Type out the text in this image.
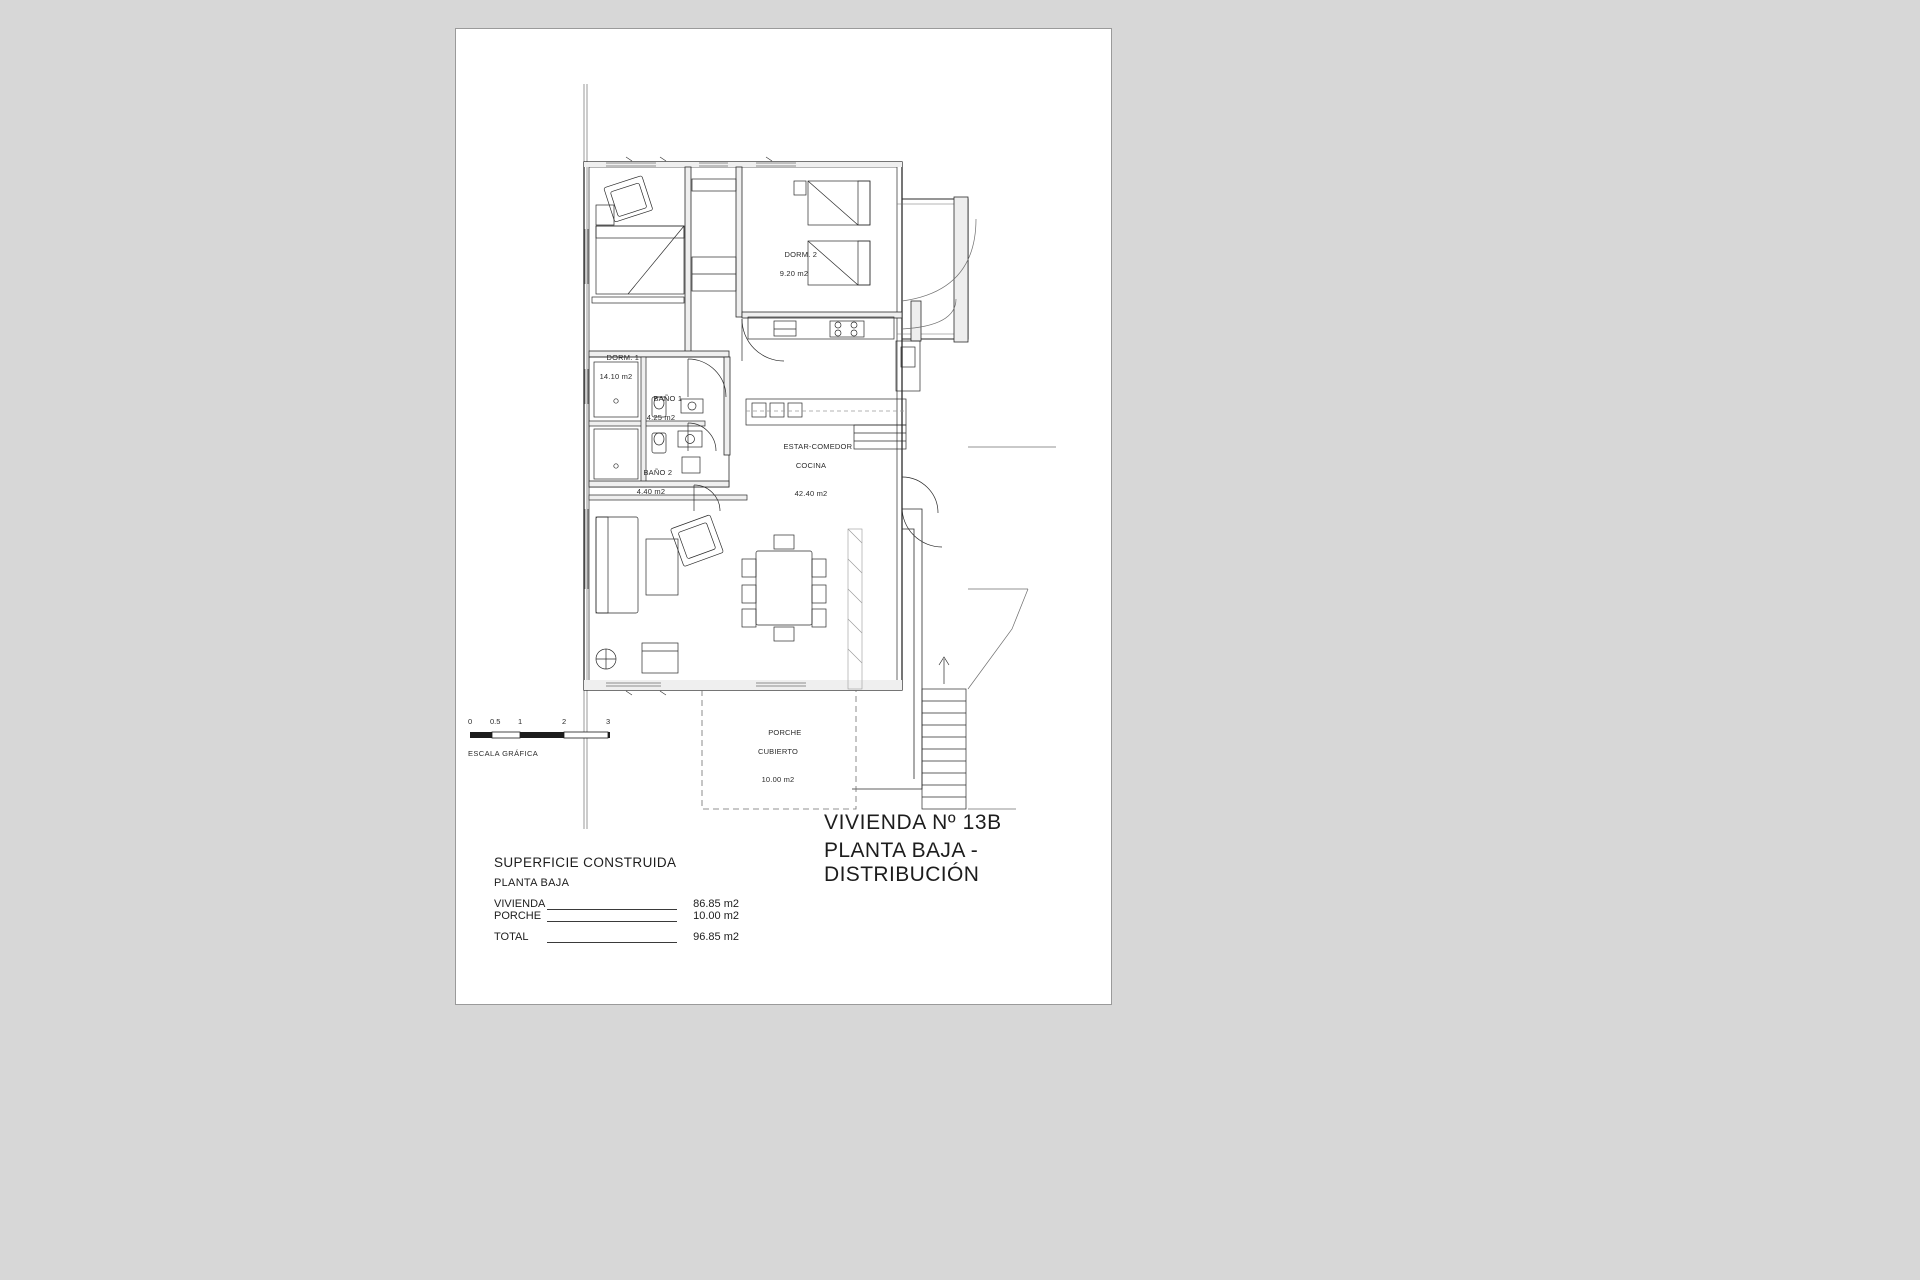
DORM. 2

9.20 m2

DORM. 1

14.10 m2

BAÑO 1

4.25 m2

BAÑO 2

4.40 m2

ESTAR-COMEDOR

COCINA

42.40 m2

PORCHE

CUBIERTO

10.00 m2

0 0.5 1	2	3
ESCALA GRÁFICA
VIVIENDA Nº 13B
PLANTA BAJA - DISTRIBUCIÓN
SUPERFICIE CONSTRUIDA
PLANTA BAJA
VIVIENDA		86.85 m2
PORCHE		10.00 m2
TOTAL		96.85 m2
